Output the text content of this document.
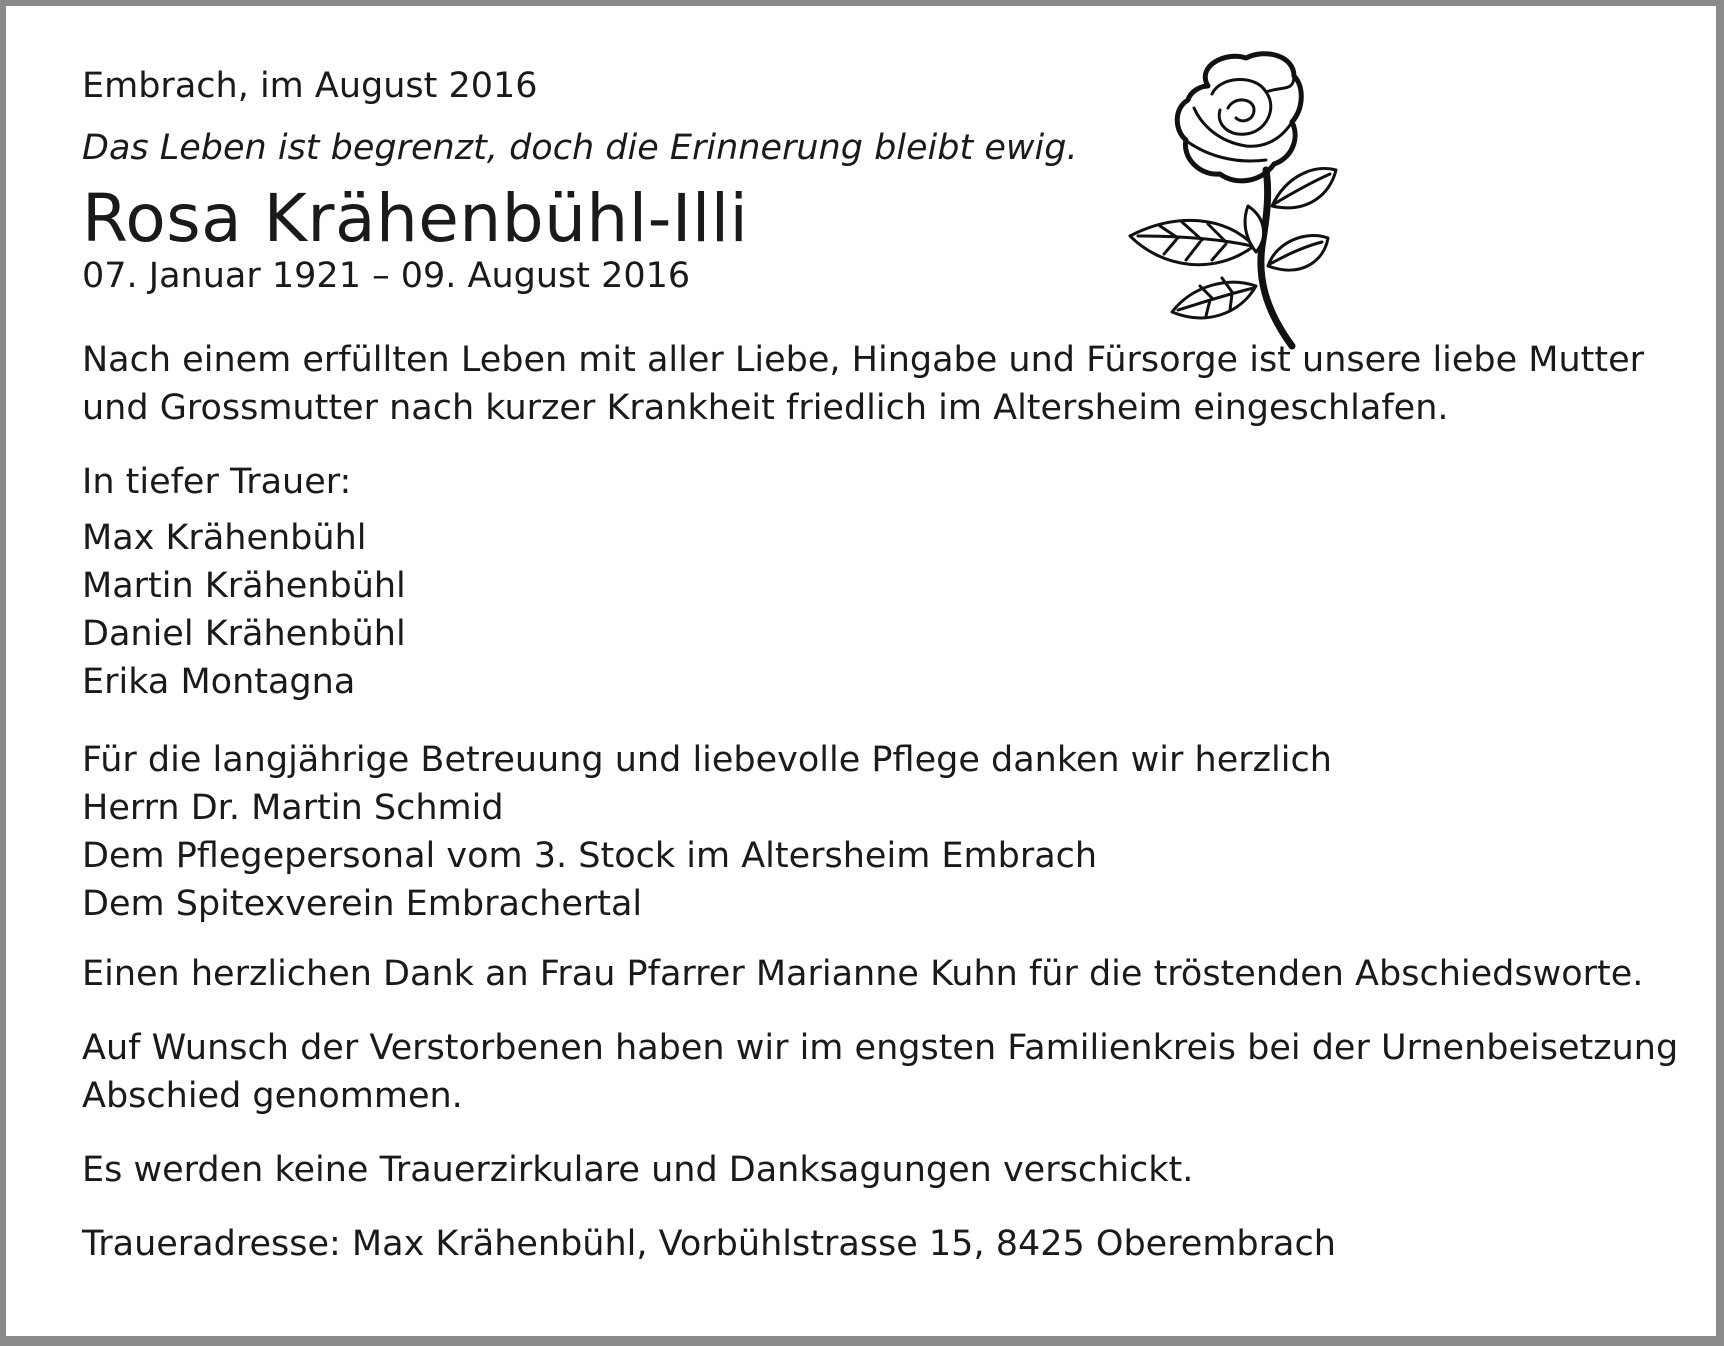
Embrach, im August 2016

Das Leben ist begrenzt, doch die Erinnerung bleibt ewig.

Rosa Krähenbühl-Illi

07. Januar 1921 – 09. August 2016

Nach einem erfüllten Leben mit aller Liebe, Hingabe und Fürsorge ist unsere liebe Mutter

und Grossmutter nach kurzer Krankheit friedlich im Altersheim eingeschlafen.

In tiefer Trauer:

Max Krähenbühl

Martin Krähenbühl

Daniel Krähenbühl

Erika Montagna

Für die langjährige Betreuung und liebevolle Pflege danken wir herzlich

Herrn Dr. Martin Schmid

Dem Pflegepersonal vom 3. Stock im Altersheim Embrach

Dem Spitexverein Embrachertal

Einen herzlichen Dank an Frau Pfarrer Marianne Kuhn für die tröstenden Abschiedsworte.

Auf Wunsch der Verstorbenen haben wir im engsten Familienkreis bei der Urnenbeisetzung

Abschied genommen.

Es werden keine Trauerzirkulare und Danksagungen verschickt.

Traueradresse: Max Krähenbühl, Vorbühlstrasse 15, 8425 Oberembrach
